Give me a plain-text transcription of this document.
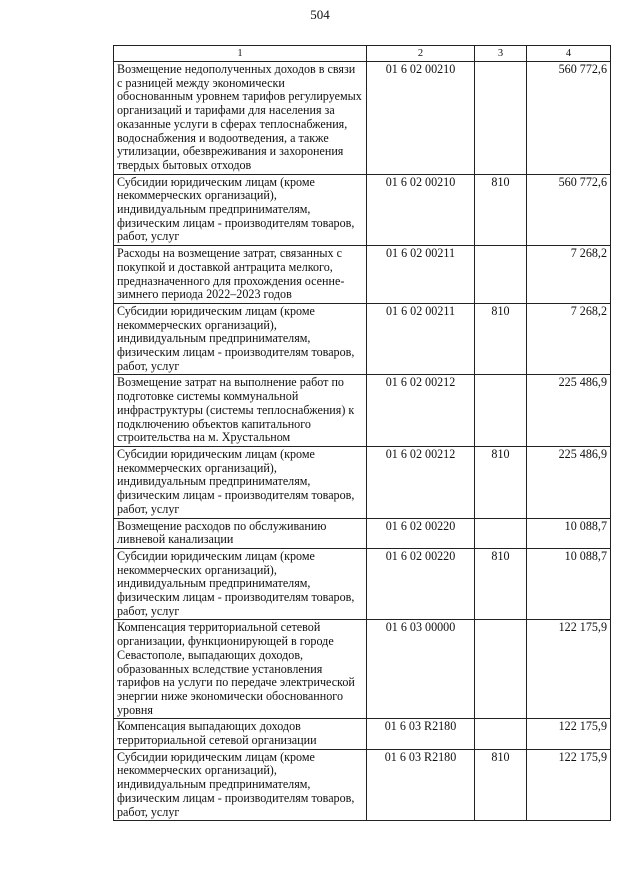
504
1	2	3	4
Возмещение недополученных доходов в связи с разницей между экономически обоснованным уровнем тарифов регулируемых организаций и тарифами для населения за оказанные услуги в сферах теплоснабжения, водоснабжения и водоотведения, а также утилизации, обезвреживания и захоронения твердых бытовых отходов	01 6 02 00210		560 772,6
Субсидии юридическим лицам (кроме некоммерческих организаций), индивидуальным предпринимателям, физическим лицам - производителям товаров, работ, услуг	01 6 02 00210	810	560 772,6
Расходы на возмещение затрат, связанных с покупкой и доставкой антрацита мелкого, предназначенного для прохождения осенне-зимнего периода 2022–2023 годов	01 6 02 00211		7 268,2
Субсидии юридическим лицам (кроме некоммерческих организаций), индивидуальным предпринимателям, физическим лицам - производителям товаров, работ, услуг	01 6 02 00211	810	7 268,2
Возмещение затрат на выполнение работ по подготовке системы коммунальной инфраструктуры (системы теплоснабжения) к подключению объектов капитального строительства на м. Хрустальном	01 6 02 00212		225 486,9
Субсидии юридическим лицам (кроме некоммерческих организаций), индивидуальным предпринимателям, физическим лицам - производителям товаров, работ, услуг	01 6 02 00212	810	225 486,9
Возмещение расходов по обслуживанию ливневой канализации	01 6 02 00220		10 088,7
Субсидии юридическим лицам (кроме некоммерческих организаций), индивидуальным предпринимателям, физическим лицам - производителям товаров, работ, услуг	01 6 02 00220	810	10 088,7
Компенсация территориальной сетевой организации, функционирующей в городе Севастополе, выпадающих доходов, образованных вследствие установления тарифов на услуги по передаче электрической энергии ниже экономически обоснованного уровня	01 6 03 00000		122 175,9
Компенсация выпадающих доходов территориальной сетевой организации	01 6 03 R2180		122 175,9
Субсидии юридическим лицам (кроме некоммерческих организаций), индивидуальным предпринимателям, физическим лицам - производителям товаров, работ, услуг	01 6 03 R2180	810	122 175,9
